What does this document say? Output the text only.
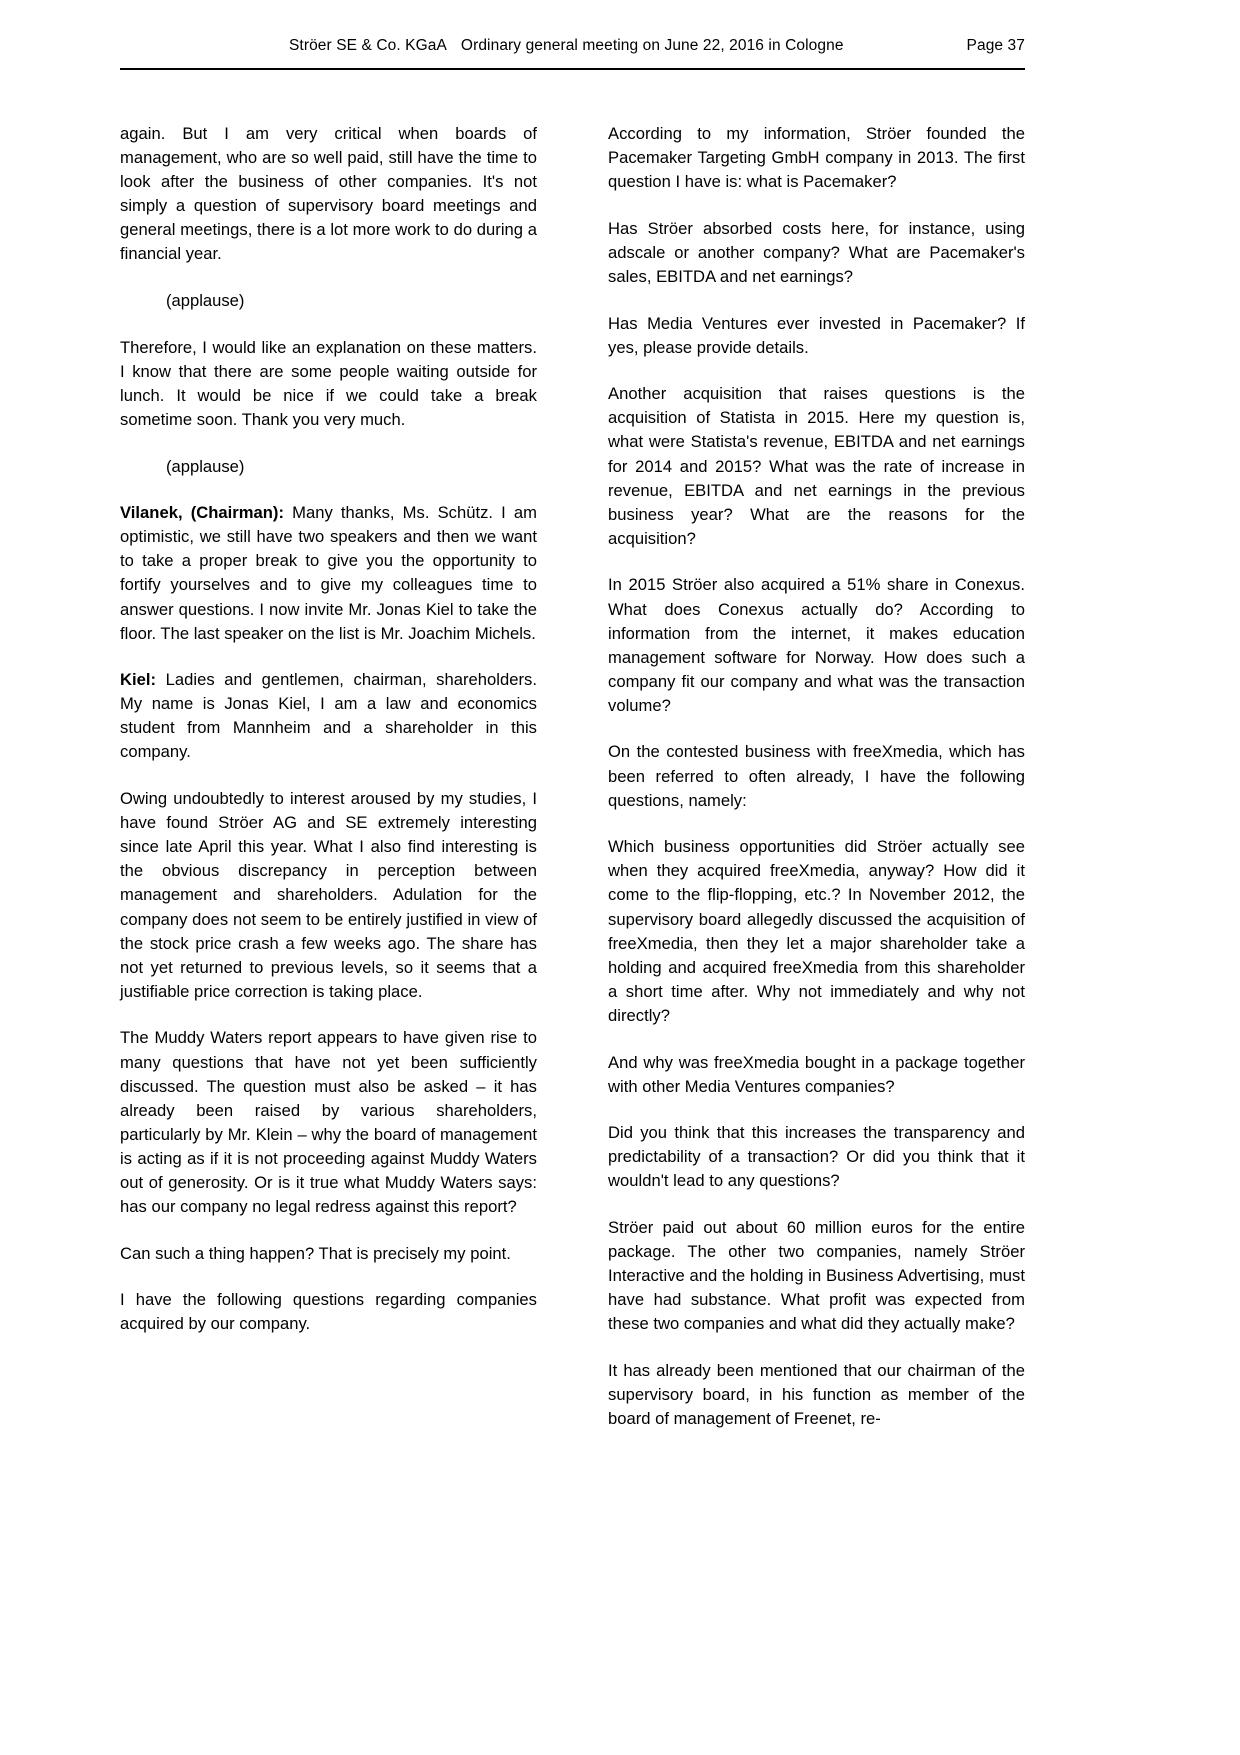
Ströer SE & Co. KGaA Ordinary general meeting on June 22, 2016 in Cologne	Page 37

again. But I am very critical when boards of management, who are so well paid, still have the time to look after the business of other companies. It's not simply a question of supervisory board meetings and general meetings, there is a lot more work to do during a financial year.

(applause)

Therefore, I would like an explanation on these matters. I know that there are some people waiting outside for lunch. It would be nice if we could take a break sometime soon. Thank you very much.

(applause)

Vilanek, (Chairman): Many thanks, Ms. Schütz. I am optimistic, we still have two speakers and then we want to take a proper break to give you the opportunity to fortify yourselves and to give my colleagues time to answer questions. I now invite Mr. Jonas Kiel to take the floor. The last speaker on the list is Mr. Joachim Michels.

Kiel: Ladies and gentlemen, chairman, shareholders. My name is Jonas Kiel, I am a law and economics student from Mannheim and a shareholder in this company.

Owing undoubtedly to interest aroused by my studies, I have found Ströer AG and SE extremely interesting since late April this year. What I also find interesting is the obvious discrepancy in perception between management and shareholders. Adulation for the company does not seem to be entirely justified in view of the stock price crash a few weeks ago. The share has not yet returned to previous levels, so it seems that a justifiable price correction is taking place.

The Muddy Waters report appears to have given rise to many questions that have not yet been sufficiently discussed. The question must also be asked – it has already been raised by various shareholders, particularly by Mr. Klein – why the board of management is acting as if it is not proceeding against Muddy Waters out of generosity. Or is it true what Muddy Waters says: has our company no legal redress against this report?

Can such a thing happen? That is precisely my point.

I have the following questions regarding companies acquired by our company.

According to my information, Ströer founded the Pacemaker Targeting GmbH company in 2013. The first question I have is: what is Pacemaker?

Has Ströer absorbed costs here, for instance, using adscale or another company? What are Pacemaker's sales, EBITDA and net earnings?

Has Media Ventures ever invested in Pacemaker? If yes, please provide details.

Another acquisition that raises questions is the acquisition of Statista in 2015. Here my question is, what were Statista's revenue, EBITDA and net earnings for 2014 and 2015? What was the rate of increase in revenue, EBITDA and net earnings in the previous business year? What are the reasons for the acquisition?

In 2015 Ströer also acquired a 51% share in Conexus. What does Conexus actually do? According to information from the internet, it makes education management software for Norway. How does such a company fit our company and what was the transaction volume?

On the contested business with freeXmedia, which has been referred to often already, I have the following questions, namely:

Which business opportunities did Ströer actually see when they acquired freeXmedia, anyway? How did it come to the flip-flopping, etc.? In November 2012, the supervisory board allegedly discussed the acquisition of freeXmedia, then they let a major shareholder take a holding and acquired freeXmedia from this shareholder a short time after. Why not immediately and why not directly?

And why was freeXmedia bought in a package together with other Media Ventures companies?

Did you think that this increases the transparency and predictability of a transaction? Or did you think that it wouldn't lead to any questions?

Ströer paid out about 60 million euros for the entire package. The other two companies, namely Ströer Interactive and the holding in Business Advertising, must have had substance. What profit was expected from these two companies and what did they actually make?

It has already been mentioned that our chairman of the supervisory board, in his function as member of the board of management of Freenet, re-
